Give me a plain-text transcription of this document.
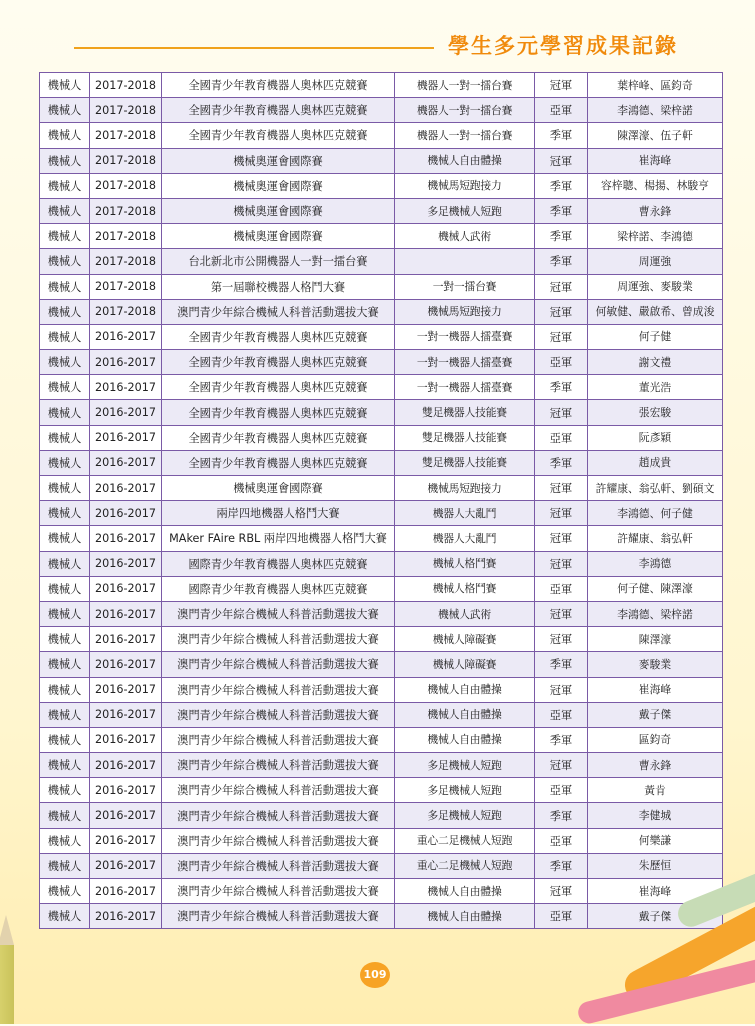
學生多元學習成果記錄
機械人	2017-2018	全國青少年教育機器人奧林匹克競賽	機器人一對一擂台賽	冠軍	葉梓峰、區鈞奇
機械人	2017-2018	全國青少年教育機器人奧林匹克競賽	機器人一對一擂台賽	亞軍	李鴻德、梁梓諾
機械人	2017-2018	全國青少年教育機器人奧林匹克競賽	機器人一對一擂台賽	季軍	陳澤濠、伍子軒
機械人	2017-2018	機械奧運會國際賽	機械人自由體操	冠軍	崔海峰
機械人	2017-2018	機械奧運會國際賽	機械馬短跑接力	季軍	容梓聰、楊揚、林駿亨
機械人	2017-2018	機械奧運會國際賽	多足機械人短跑	季軍	曹永鋒
機械人	2017-2018	機械奧運會國際賽	機械人武術	季軍	梁梓諾、李鴻德
機械人	2017-2018	台北新北市公開機器人一對一擂台賽		季軍	周運強
機械人	2017-2018	第一屆聯校機器人格鬥大賽	一對一擂台賽	冠軍	周運強、麥駿業
機械人	2017-2018	澳門青少年綜合機械人科普活動選拔大賽	機械馬短跑接力	冠軍	何敏健、嚴啟希、曾成浚
機械人	2016-2017	全國青少年教育機器人奧林匹克競賽	一對一機器人擂臺賽	冠軍	何子健
機械人	2016-2017	全國青少年教育機器人奧林匹克競賽	一對一機器人擂臺賽	亞軍	謝文禮
機械人	2016-2017	全國青少年教育機器人奧林匹克競賽	一對一機器人擂臺賽	季軍	董光浩
機械人	2016-2017	全國青少年教育機器人奧林匹克競賽	雙足機器人技能賽	冠軍	張宏駿
機械人	2016-2017	全國青少年教育機器人奧林匹克競賽	雙足機器人技能賽	亞軍	阮彥穎
機械人	2016-2017	全國青少年教育機器人奧林匹克競賽	雙足機器人技能賽	季軍	趙成貴
機械人	2016-2017	機械奧運會國際賽	機械馬短跑接力	冠軍	許耀康、翁弘軒、劉碩文
機械人	2016-2017	兩岸四地機器人格鬥大賽	機器人大亂鬥	冠軍	李鴻德、何子健
機械人	2016-2017	MAker FAire RBL 兩岸四地機器人格鬥大賽	機器人大亂鬥	冠軍	許耀康、翁弘軒
機械人	2016-2017	國際青少年教育機器人奧林匹克競賽	機械人格鬥賽	冠軍	李鴻德
機械人	2016-2017	國際青少年教育機器人奧林匹克競賽	機械人格鬥賽	亞軍	何子健、陳澤濠
機械人	2016-2017	澳門青少年綜合機械人科普活動選拔大賽	機械人武術	冠軍	李鴻德、梁梓諾
機械人	2016-2017	澳門青少年綜合機械人科普活動選拔大賽	機械人障礙賽	冠軍	陳澤濠
機械人	2016-2017	澳門青少年綜合機械人科普活動選拔大賽	機械人障礙賽	季軍	麥駿業
機械人	2016-2017	澳門青少年綜合機械人科普活動選拔大賽	機械人自由體操	冠軍	崔海峰
機械人	2016-2017	澳門青少年綜合機械人科普活動選拔大賽	機械人自由體操	亞軍	戴子傑
機械人	2016-2017	澳門青少年綜合機械人科普活動選拔大賽	機械人自由體操	季軍	區鈞奇
機械人	2016-2017	澳門青少年綜合機械人科普活動選拔大賽	多足機械人短跑	冠軍	曹永鋒
機械人	2016-2017	澳門青少年綜合機械人科普活動選拔大賽	多足機械人短跑	亞軍	黃肯
機械人	2016-2017	澳門青少年綜合機械人科普活動選拔大賽	多足機械人短跑	季軍	李健城
機械人	2016-2017	澳門青少年綜合機械人科普活動選拔大賽	重心二足機械人短跑	亞軍	何樂謙
機械人	2016-2017	澳門青少年綜合機械人科普活動選拔大賽	重心二足機械人短跑	季軍	朱歷恒
機械人	2016-2017	澳門青少年綜合機械人科普活動選拔大賽	機械人自由體操	冠軍	崔海峰
機械人	2016-2017	澳門青少年綜合機械人科普活動選拔大賽	機械人自由體操	亞軍	戴子傑
109
